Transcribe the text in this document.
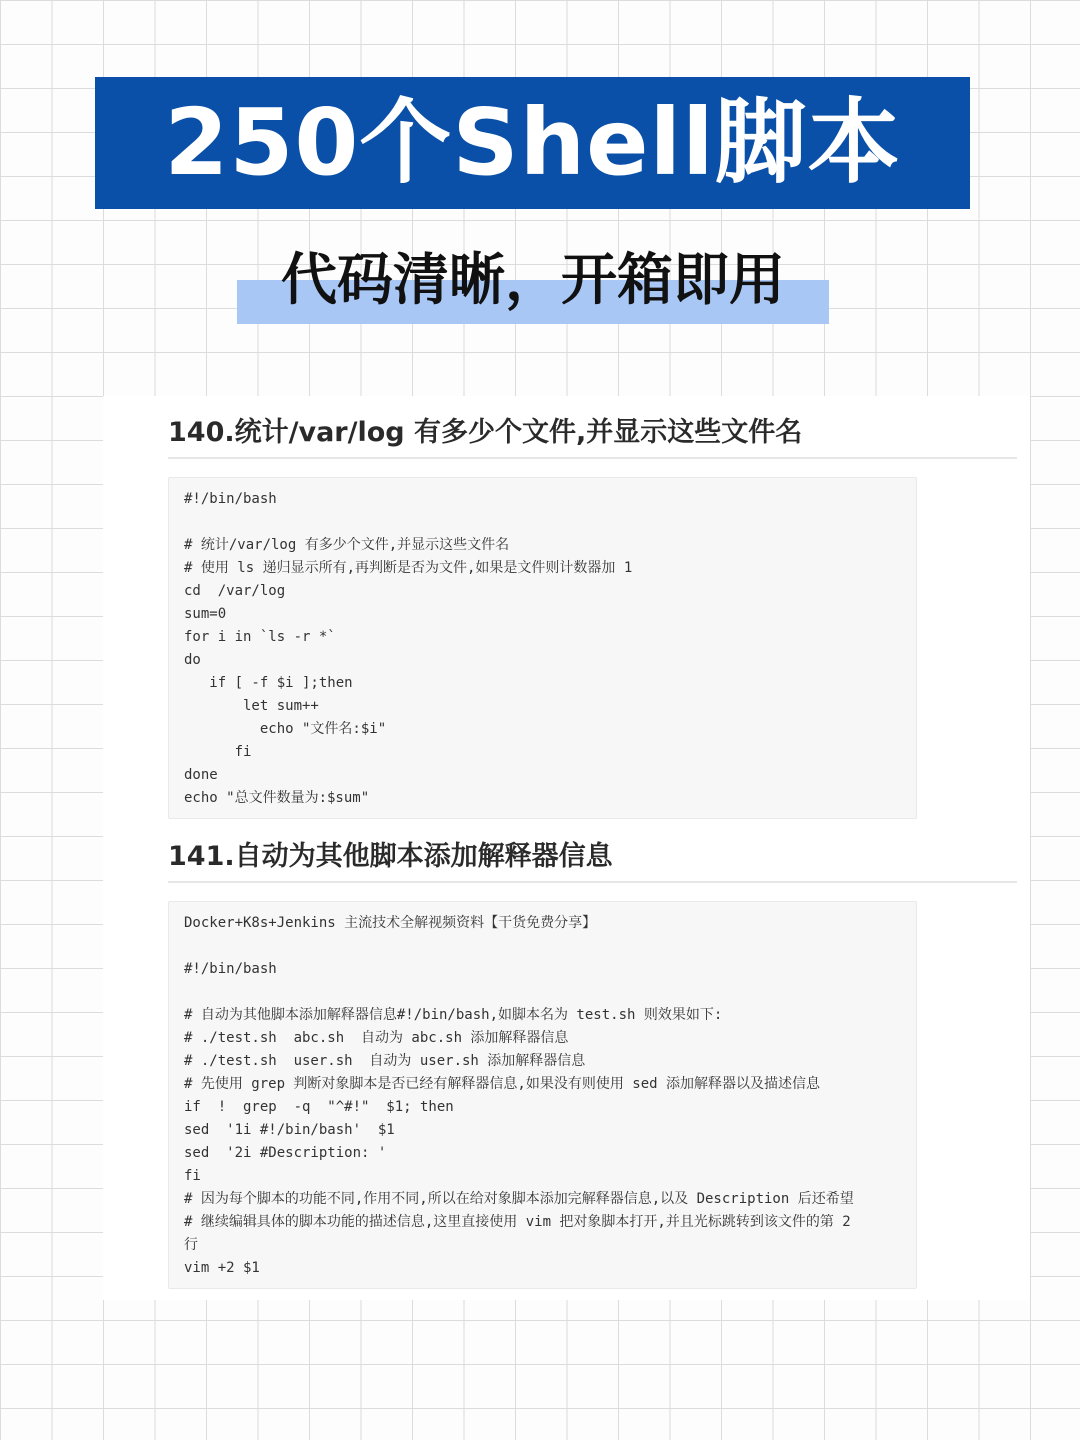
250个Shell脚本
代码清晰，开箱即用
140.统计/var/log 有多少个文件,并显示这些文件名
#!/bin/bash
# 统计/var/log 有多少个文件,并显示这些文件名
# 使用 ls 递归显示所有,再判断是否为文件,如果是文件则计数器加 1
cd  /var/log
sum=0
for i in `ls -r *`
do
if [ -f $i ];then
let sum++
echo "文件名:$i"
fi
done
echo "总文件数量为:$sum"
141.自动为其他脚本添加解释器信息
Docker+K8s+Jenkins 主流技术全解视频资料【干货免费分享】
#!/bin/bash
# 自动为其他脚本添加解释器信息#!/bin/bash,如脚本名为 test.sh 则效果如下:
# ./test.sh  abc.sh  自动为 abc.sh 添加解释器信息
# ./test.sh  user.sh  自动为 user.sh 添加解释器信息
# 先使用 grep 判断对象脚本是否已经有解释器信息,如果没有则使用 sed 添加解释器以及描述信息
if  !  grep  -q  "^#!"  $1; then
sed  '1i #!/bin/bash'  $1
sed  '2i #Description: '
fi
# 因为每个脚本的功能不同,作用不同,所以在给对象脚本添加完解释器信息,以及 Description 后还希望
# 继续编辑具体的脚本功能的描述信息,这里直接使用 vim 把对象脚本打开,并且光标跳转到该文件的第 2
行
vim +2 $1
